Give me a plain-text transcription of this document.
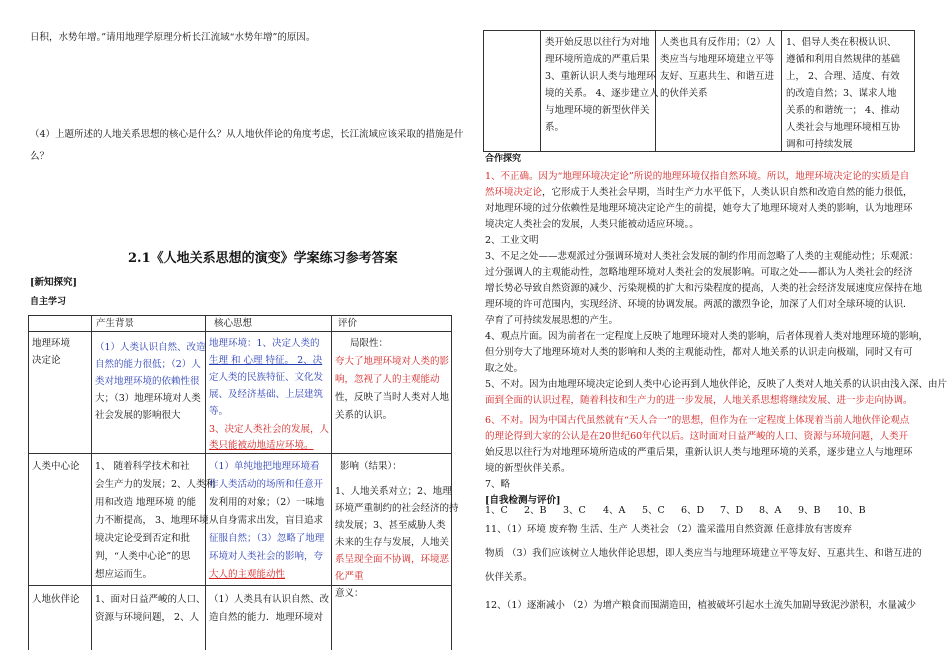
日积，水势年增。”请用地理学原理分析长江流域“水势年增”的原因。
（4）上题所述的人地关系思想的核心是什么？从人地伙伴论的角度考虑，长江流域应该采取的措施是什
么？
2.1《人地关系思想的演变》学案练习参考答案
[新知探究]
自主学习
产生背景	核心思想	评价
地理环境
决定论
（1）人类认识自然、改造
自然的能力很低；（2）人
类对地理环境的依赖性很
大；（3）地理环境对人类
社会发展的影响很大
地理环境：1、决定人类的
生理 和 心理 特征。 2、决
定人类的民族特征、文化发
展、及经济基础、上层建筑
等。
3、决定人类社会的发展，人
类只能被动地适应环境。
局限性：
夸大了地理环境对人类的影
响，忽视了人的主观能动
性，反映了当时人类对人地
关系的认识。
人类中心论 1、 随着科学技术和社
会生产力的发展；2、人类利
用和改造 地理环境 的能
力不断提高， 3、地理环境
境决定论受到否定和批
判，“人类中心论”的思
想应运而生。
（1）单纯地把地理环境看
作人类活动的场所和任意开
发利用的对象；（2）一味地
从自身需求出发，盲目追求
征服自然；（3）忽略了地理
环境对人类社会的影响，夸
大人的主观能动性
影响（结果）：
1、人地关系对立；2、地理
环境严重制约的社会经济的持
续发展；3、甚至威胁人类
未来的生存与发展，人地关
系呈现全面不协调，环境恶
化严重
人地伙伴论 1、面对日益严峻的人口、
资源与环境问题， 2、人
（1）人类具有认识自然、改
造自然的能力．地理环境对
意义：
类开始反思以往行为对地
理环境所造成的严重后果
3、重新认识人类与地理环
境的关系。 4、逐步建立人
与地理环境的新型伙伴关
系。
人类也具有反作用；（2）人
类应当与地理环境建立平等
友好、互惠共生、和谐互进
的伙伴关系
1、倡导人类在积极认识、
遵循和利用自然规律的基础
上， 2、合理、适度、有效
的改造自然；3、谋求人地
关系的和谐统一； 4、推动
人类社会与地理环境相互协
调和可持续发展
合作探究
1、不正确。因为“地理环境决定论”所说的地理环境仅指自然环境。所以，地理环境决定论的实质是自
然环境决定论，它形成于人类社会早期，当时生产力水平低下，人类认识自然和改造自然的能力很低，
对地理环境的过分依赖性是地理环境决定论产生的前提，她夸大了地理环境对人类的影响，认为地理环
境决定人类社会的发展，人类只能被动适应环境。。
2、工业文明
3、不足之处——悲观派过分强调环境对人类社会发展的制约作用而忽略了人类的主观能动性；乐观派：
过分强调人的主观能动性，忽略地理环境对人类社会的发展影响。可取之处——都认为人类社会的经济
增长势必导致自然资源的减少、污染规模的扩大和污染程度的提高，人类的社会经济发展速度应保持在地
理环境的许可范围内，实现经济、环境的协调发展。两派的激烈争论，加深了人们对全球环境的认识．
孕育了可持续发展思想的产生。
4、观点片面。因为前者在一定程度上反映了地理环境对人类的影响，后者体现着人类对地理环境的影响，
但分别夸大了地理环境对人类的影响和人类的主观能动性，都对人地关系的认识走向极端，同时又有可
取之处。
5、不对。因为由地理环境决定论到人类中心论再到人地伙伴论，反映了人类对人地关系的认识由浅入深、由片
面到全面的认识过程，随着科技和生产力的进一步发展，人地关系思想将继续发展、进一步走向协调。
6、不对。因为中国古代虽然就有“天人合一”的思想，但作为在一定程度上体现着当前人地伙伴论观点
的理论得到大家的公认是在20世纪60年代以后。这时面对日益严峻的人口、资源与环境问题，人类开
始反思以往行为对地理环境所造成的严重后果，重新认识人类与地理环境的关系，逐步建立人与地理环
境的新型伙伴关系。
7、略
[自我检测与评价]
1、C 2、B 3、C 4、A 5、C 6、D 7、D 8、A 9、B 10、B
11、（1）环境 废弃物 生活、生产 人类社会 （2）滥采滥用自然资源 任意排放有害废弃
物质 （3）我们应该树立人地伙伴论思想，即人类应当与地理环境建立平等友好、互惠共生、和谐互进的
伙伴关系。
12、（1）逐渐减小 （2）为增产粮食而围湖造田，植被破坏引起水土流失加剧导致泥沙淤积，水量减少
